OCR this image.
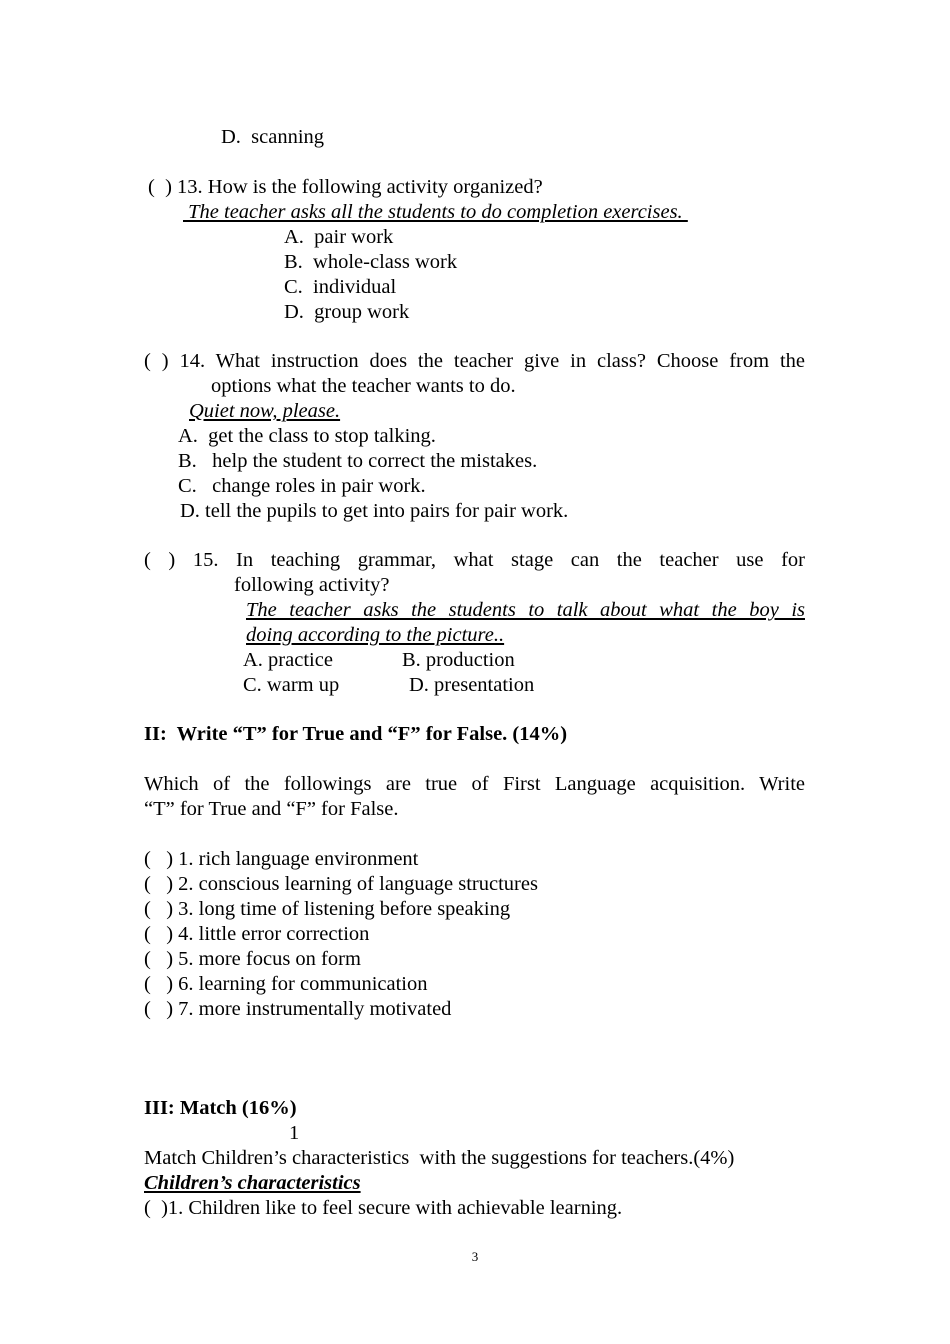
D.  scanning
(  ) 13. How is the following activity organized?
The teacher asks all the students to do completion exercises.
A.  pair work
B.  whole-class work
C.  individual
D.  group work
( ) 14. What instruction does the teacher give in class? Choose from the
options what the teacher wants to do.
Quiet now, please.
A.  get the class to stop talking.
B.   help the student to correct the mistakes.
C.   change roles in pair work.
D. tell the pupils to get into pairs for pair work.
( ) 15. In teaching grammar, what stage can the teacher use for
following activity?
The teacher asks the students to talk about what the boy is
doing according to the picture..
A. practice	B. production
C. warm up	D. presentation
II:  Write “T” for True and “F” for False. (14%)
Which of the followings are true of First Language acquisition. Write
“T” for True and “F” for False.
(   ) 1. rich language environment
(   ) 2. conscious learning of language structures
(   ) 3. long time of listening before speaking
(   ) 4. little error correction
(   ) 5. more focus on form
(   ) 6. learning for communication
(   ) 7. more instrumentally motivated
III: Match (16%)
1
Match Children’s characteristics  with the suggestions for teachers.(4%)
Children’s characteristics
(  )1. Children like to feel secure with achievable learning.
3
